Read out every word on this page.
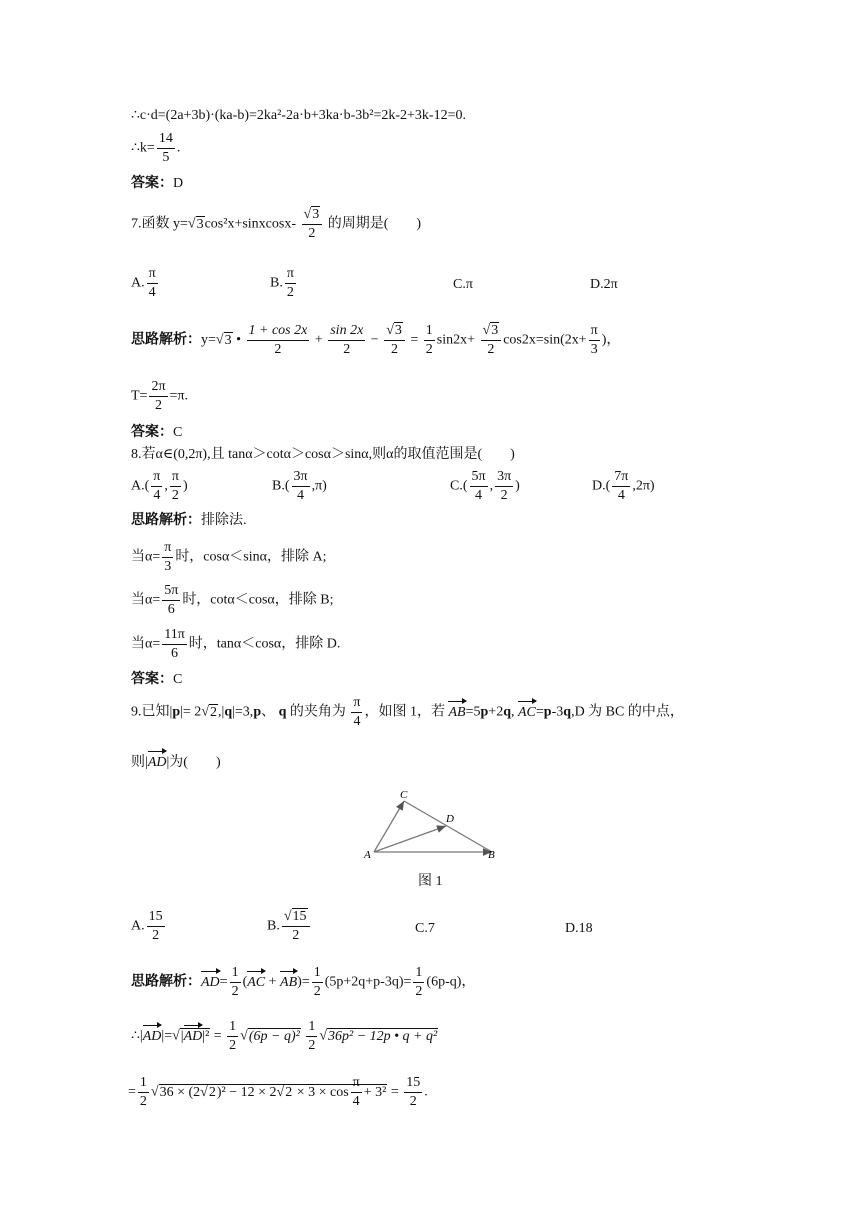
∴c·d=(2a+3b)·(ka-b)=2ka²-2a·b+3ka·b-3b²=2k-2+3k-12=0.
∴k= $\frac{14}{5}$ .
答案：D
7.函数 y=√3cos²x+sinxcosx- $\frac{√3}{2}$ 的周期是(　　)
A. $\frac{\pi}{4}$	B. $\frac{\pi}{2}$	C.π	D.2π
思路解析：y=√3 • $\frac{1 + \cos 2x}{2} + \frac{\sin 2x}{2} - \frac{√3}{2} = \frac{1}{2} \sin 2x+ \frac{√3}{2} \cos 2x=\sin(2x+ \frac{\pi}{3}$ )，
$T= \frac{2\pi}{2} =\pi$.
答案：C
8.若α∈(0,2π),且 tanα＞cotα＞cosα＞sinα,则α的取值范围是(　　)
$A.( \frac{\pi}{4}$ , $\frac{\pi}{2}$ )	$B.( \frac{3\pi}{4} ,\pi)$	$C.( \frac{5\pi}{4}$ , $\frac{3\pi}{2}$ )	$D.( \frac{7\pi}{4} ,2\pi)$
思路解析：排除法.
当$\alpha= \frac{\pi}{3}$ 时，cosα＜sinα，排除 A;
当$\alpha= \frac{5\pi}{6}$ 时，cotα＜cosα，排除 B;
当$\alpha= \frac{11\pi}{6}$ 时，tanα＜cosα，排除 D.
答案：C
9.已知|p|= 2√2,|q|=3,p、 q 的夹角为 $\frac{\pi}{4}$ ，如图 1，若 AB=5p+2q, AC=p-3q,D 为 BC 的中点，
则|AD|为(　　)
A	B
C
D
图 1
A. $\frac{15}{2}$	B. $\frac{√15}{2}$	C.7	D.18
思路解析：$AD= \frac{1}{2} (AC + AB)= \frac{1}{2} (5p+2q+p-3q)= \frac{1}{2} (6p-q)$，
∴|AD|=√|AD|² = $\frac{1}{2} √(6p - q)^2 \frac{1}{2} √36p^2 - 12p$ • q + q²
= $\frac{1}{2} √36 \times (2√2)^2 - 12 \times 2√2 \times 3 \times \cos \frac{\pi}{4} + 3^2 = \frac{15}{2}$ .
